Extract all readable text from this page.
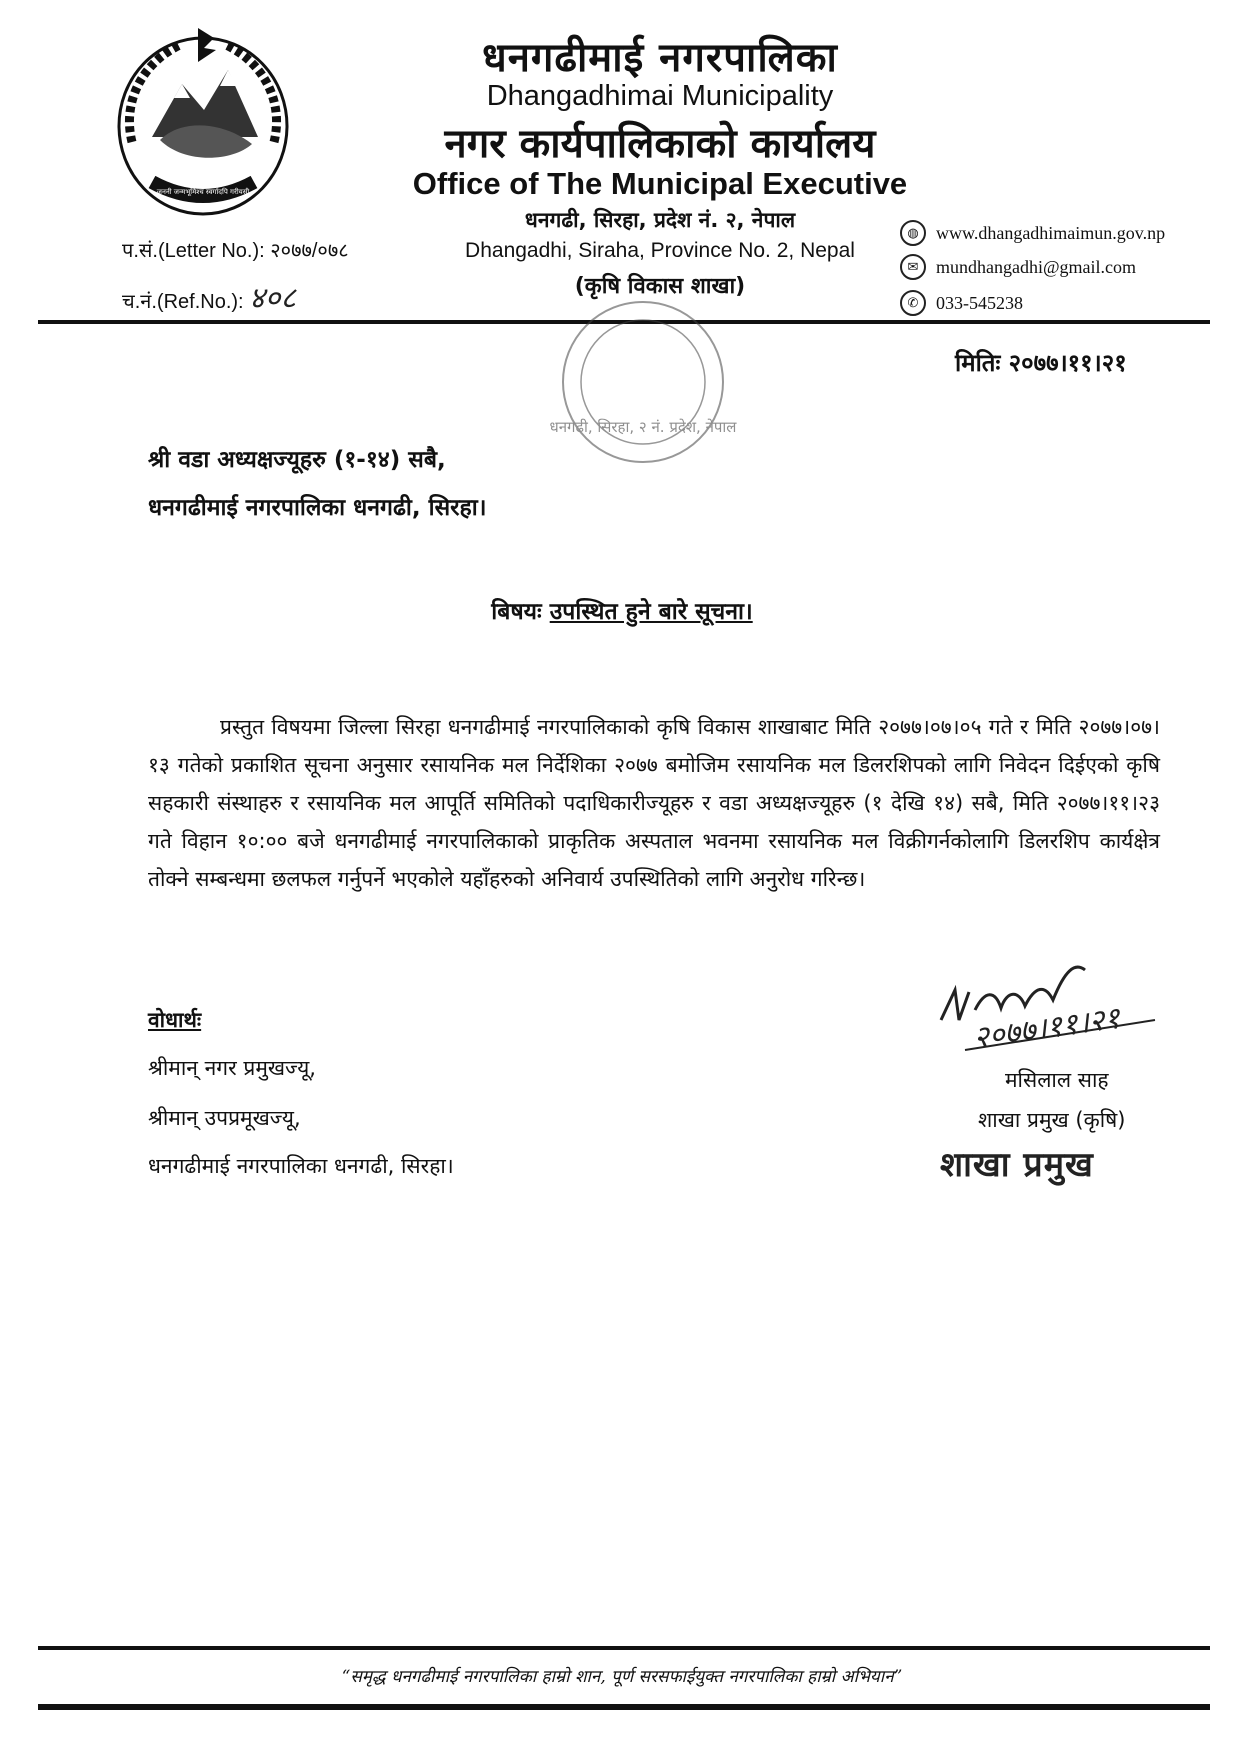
जननी जन्मभूमिश्च स्वर्गादपि गरीयसी
धनगढीमाई नगरपालिका
Dhangadhimai Municipality
नगर कार्यपालिकाको कार्यालय
Office of The Municipal Executive
धनगढी, सिरहा, प्रदेश नं. २, नेपाल
Dhangadhi, Siraha, Province No. 2, Nepal
(कृषि विकास शाखा)
प.सं.(Letter No.): २०७७/०७८
च.नं.(Ref.No.): ४०८
◍ www.dhangadhimaimun.gov.np
✉ mundhangadhi@gmail.com
✆ 033-545238
धनगढी, सिरहा, २ नं. प्रदेश, नेपाल
मितिः २०७७।११।२१
श्री वडा अध्यक्षज्यूहरु (१-१४) सबै,
धनगढीमाई नगरपालिका धनगढी, सिरहा।
बिषयः उपस्थित हुने बारे सूचना।
प्रस्तुत विषयमा जिल्ला सिरहा धनगढीमाई नगरपालिकाको कृषि विकास शाखाबाट मिति २०७७।०७।०५ गते र मिति २०७७।०७।१३ गतेको प्रकाशित सूचना अनुसार रसायनिक मल निर्देशिका २०७७ बमोजिम रसायनिक मल डिलरशिपको लागि निवेदन दिईएको कृषि सहकारी संस्थाहरु र रसायनिक मल आपूर्ति समितिको पदाधिकारीज्यूहरु र वडा अध्यक्षज्यूहरु (१ देखि १४) सबै, मिति २०७७।११।२३ गते विहान १०:०० बजे धनगढीमाई नगरपालिकाको प्राकृतिक अस्पताल भवनमा रसायनिक मल विक्रीगर्नकोलागि डिलरशिप कार्यक्षेत्र तोक्ने सम्बन्धमा छलफल गर्नुपर्ने भएकोले यहाँहरुको अनिवार्य उपस्थितिको लागि अनुरोध गरिन्छ।
वोधार्थः
श्रीमान् नगर प्रमुखज्यू,
श्रीमान् उपप्रमूखज्यू,
धनगढीमाई नगरपालिका धनगढी, सिरहा।
२०७७।११।२१
मसिलाल साह
शाखा प्रमुख (कृषि)
शाखा प्रमुख
“समृद्ध धनगढीमाई नगरपालिका हाम्रो शान, पूर्ण सरसफाईयुक्त नगरपालिका हाम्रो अभियान”
